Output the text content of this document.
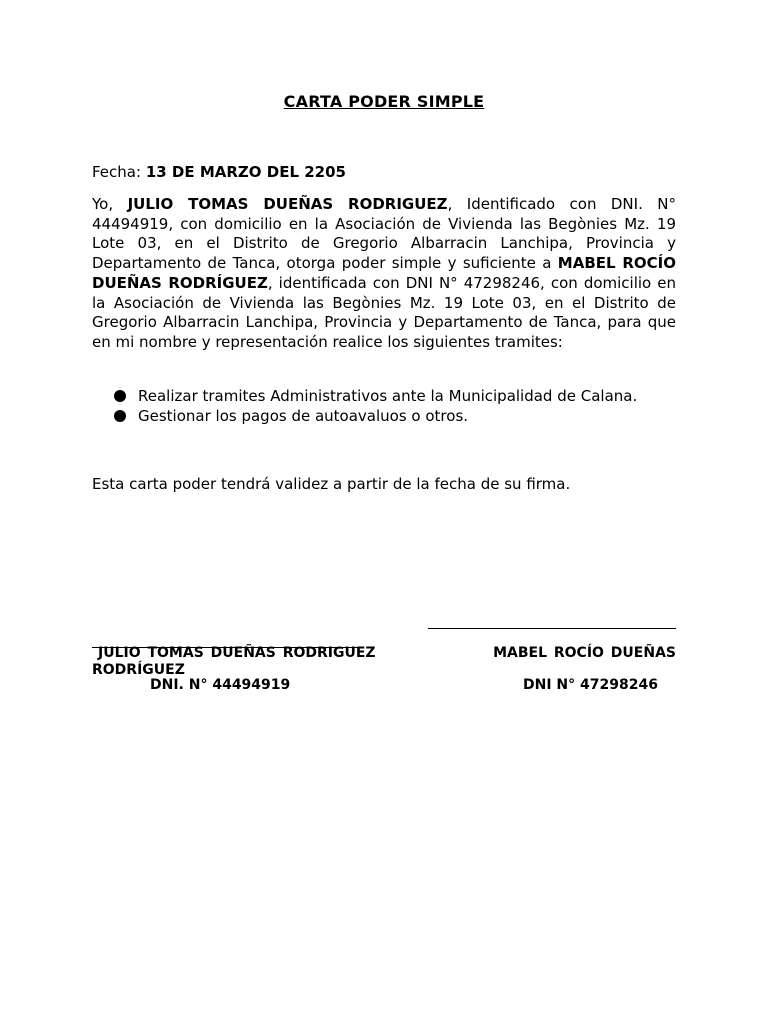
CARTA PODER SIMPLE
Fecha: 13 DE MARZO DEL 2205
Yo, JULIO TOMAS DUEÑAS RODRIGUEZ, Identificado con DNI. N° 44494919, con domicilio en la Asociación de Vivienda las Begònies Mz. 19 Lote 03, en el Distrito de Gregorio Albarracin Lanchipa, Provincia y Departamento de Tanca, otorga poder simple y suficiente a MABEL ROCÍO DUEÑAS RODRÍGUEZ, identificada con DNI N° 47298246, con domicilio en la Asociación de Vivienda las Begònies Mz. 19 Lote 03, en el Distrito de Gregorio Albarracin Lanchipa, Provincia y Departamento de Tanca, para que en mi nombre y representación realice los siguientes tramites:
Realizar tramites Administrativos ante la Municipalidad de Calana.
Gestionar los pagos de autoavaluos o otros.
Esta carta poder tendrá validez a partir de la fecha de su firma.
JULIO TOMAS DUEÑAS RODRIGUEZ
RODRÍGUEZ
MABEL ROCÍO DUEÑAS
DNI. N° 44494919	DNI N° 47298246
